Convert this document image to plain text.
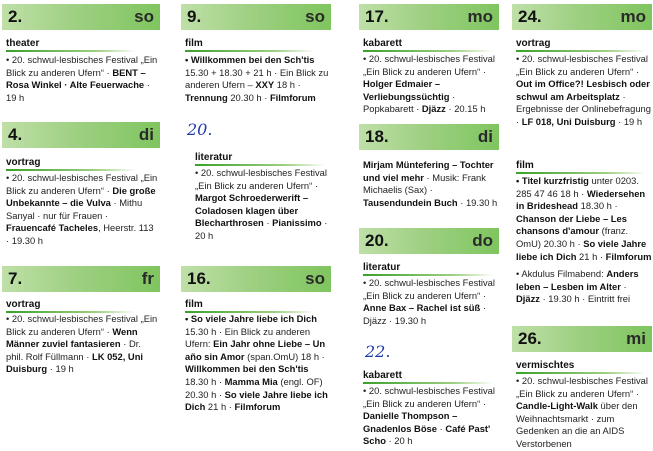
2.	so
theater
• 20. schwul-lesbisches Festival „Ein Blick zu anderen Ufern“ · BENT – Rosa Winkel · Alte Feuerwache · 19 h
4.	di
vortrag
• 20. schwul-lesbisches Festival „Ein Blick zu anderen Ufern“ · Die große Unbekannte – die Vulva · Mithu Sanyal · nur für Frauen · Frauencafé Tacheles, Heerstr. 113 · 19.30 h
7.	fr
vortrag
• 20. schwul-lesbisches Festival „Ein Blick zu anderen Ufern“ · Wenn Männer zuviel fantasieren · Dr. phil. Rolf Füllmann · LK 052, Uni Duisburg · 19 h
9.	so
film
• Willkommen bei den Sch'tis 15.30 + 18.30 + 21 h · Ein Blick zu anderen Ufern – XXY 18 h · Trennung 20.30 h · Filmforum
20.
literatur
• 20. schwul-lesbisches Festival „Ein Blick zu anderen Ufern“ · Margot Schroederwerift – Coladosen klagen über Blecharthrosen · Pianissimo · 20 h
16.	so
film
• So viele Jahre liebe ich Dich 15.30 h · Ein Blick zu anderen Ufern: Ein Jahr ohne Liebe – Un año sin Amor (span.OmU) 18 h · Willkommen bei den Sch'tis 18.30 h · Mamma Mia (engl. OF) 20.30 h · So viele Jahre liebe ich Dich 21 h · Filmforum
17.	mo
kabarett
• 20. schwul-lesbisches Festival „Ein Blick zu anderen Ufern“ · Holger Edmaier – Verliebungssüchtig · Popkabarett · Djäzz · 20.15 h
18.	di
Mirjam Müntefering – Tochter und viel mehr · Musik: Frank Michaelis (Sax) · Tausendundein Buch · 19.30 h
20.	do
literatur
• 20. schwul-lesbisches Festival „Ein Blick zu anderen Ufern“ · Anne Bax – Rachel ist süß · Djäzz · 19.30 h
22.
kabarett
• 20. schwul-lesbisches Festival „Ein Blick zu anderen Ufern“ · Danielle Thompson – Gnadenlos Böse · Café Past' Scho · 20 h
24.	mo
vortrag
• 20. schwul-lesbisches Festival „Ein Blick zu anderen Ufern“ · Out im Office?! Lesbisch oder schwul am Arbeitsplatz · Ergebnisse der Onlinebefragung · LF 018, Uni Duisburg · 19 h
film
• Titel kurzfristig unter 0203. 285 47 46 18 h · Wiedersehen in Brideshead 18.30 h · Chanson der Liebe – Les chansons d'amour (franz. OmU) 20.30 h · So viele Jahre liebe ich Dich 21 h · Filmforum
• Akdulus Filmabend: Anders leben – Lesben im Alter · Djäzz · 19.30 h · Eintritt frei
26.	mi
vermischtes
• 20. schwul-lesbisches Festival „Ein Blick zu anderen Ufern“ · Candle-Light-Walk über den Weihnachtsmarkt · zum Gedenken an die an AIDS Verstorbenen
